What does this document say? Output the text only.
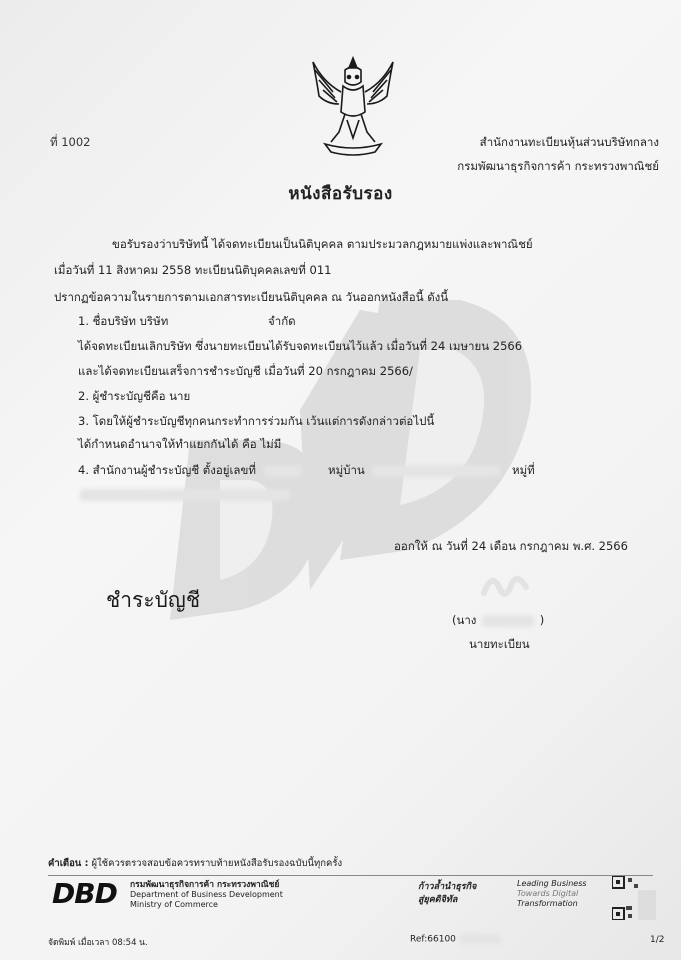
ที่ 1002	สำนักงานทะเบียนหุ้นส่วนบริษัทกลาง
กรมพัฒนาธุรกิจการค้า กระทรวงพาณิชย์
หนังสือรับรอง
ขอรับรองว่าบริษัทนี้ ได้จดทะเบียนเป็นนิติบุคคล ตามประมวลกฎหมายแพ่งและพาณิชย์
เมื่อวันที่ 11 สิงหาคม 2558 ทะเบียนนิติบุคคลเลขที่ 011
ปรากฏข้อความในรายการตามเอกสารทะเบียนนิติบุคคล ณ วันออกหนังสือนี้ ดังนี้
1. ชื่อบริษัท บริษัท	จำกัด
ได้จดทะเบียนเลิกบริษัท ซึ่งนายทะเบียนได้รับจดทะเบียนไว้แล้ว เมื่อวันที่ 24 เมษายน 2566
และได้จดทะเบียนเสร็จการชำระบัญชี เมื่อวันที่ 20 กรกฎาคม 2566/
2. ผู้ชำระบัญชีคือ นาย
3. โดยให้ผู้ชำระบัญชีทุกคนกระทำการร่วมกัน เว้นแต่การดังกล่าวต่อไปนี้
ได้กำหนดอำนาจให้ทำแยกกันได้ คือ ไม่มี
4. สำนักงานผู้ชำระบัญชี ตั้งอยู่เลขที่	หมู่บ้าน	หมู่ที่
ออกให้ ณ วันที่ 24 เดือน กรกฎาคม พ.ศ. 2566
ชำระบัญชี
(นาง	)
นายทะเบียน
คำเตือน : ผู้ใช้ควรตรวจสอบข้อควรทราบท้ายหนังสือรับรองฉบับนี้ทุกครั้ง
DBD กรมพัฒนาธุรกิจการค้า กระทรวงพาณิชย์
Department of Business Development
Ministry of Commerce
ก้าวล้ำนำธุรกิจ
สู่ยุคดิจิทัล
Leading Business
Towards Digital
Transformation
จัดพิมพ์ เมื่อเวลา 08:54 น.	Ref:66100	1/2
